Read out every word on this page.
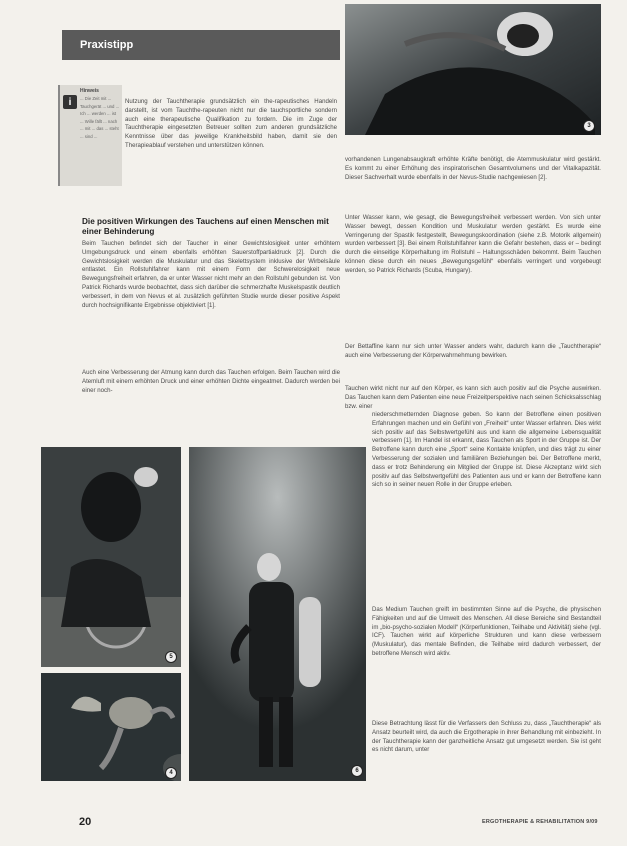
Praxistipp
i
Hinweis
... Die Zeit mit ... Tauchgerät ... und ... Ich ... werden ... ist ... Wille fällt ... nach ... mit ... das ... steht ... sind ...

Nutzung der Tauchtherapie grundsätzlich ein the-rapeutisches Handeln darstellt, ist vom Tauchthe-rapeuten nicht nur die tauchsportliche sondern auch eine therapeutische Qualifikation zu fordern. Die im Zuge der Tauchtherapie eingesetzten Betreuer sollten zum anderen grundsätzliche Kenntnisse über das jeweilige Krankheitsbild haben, damit sie den Therapieablauf verstehen und unterstützen können.

Die positiven Wirkungen des Tauchens auf einen Menschen mit einer Behinderung

Beim Tauchen befindet sich der Taucher in einer Gewichtslosigkeit unter erhöhtem Umgebungsdruck und einem ebenfalls erhöhten Sauerstoffpartialdruck [2]. Durch die Gewichtslosigkeit werden die Muskulatur und das Skelettsystem inklusive der Wirbelsäule entlastet. Ein Rollstuhlfahrer kann mit einem Form der Schwerelosigkeit neue Bewegungsfreiheit erfahren, da er unter Wasser nicht mehr an den Rollstuhl gebunden ist. Von Patrick Richards wurde beobachtet, dass sich darüber die schmerzhafte Muskelspastik deutlich verbessert, in dem von Nevus et al. zusätzlich geführten Studie wurde dieser positive Aspekt durch hochsignifikante Ergebnisse objektiviert [1].

Auch eine Verbesserung der Atmung kann durch das Tauchen erfolgen. Beim Tauchen wird die Atemluft mit einem erhöhten Druck und einer erhöhten Dichte eingeatmet. Dadurch werden bei einer noch-

3

vorhandenen Lungenabsaugkraft erhöhte Kräfte benötigt, die Atemmuskulatur wird gestärkt. Es kommt zu einer Erhöhung des inspiratorischen Gesamtvolumens und der Vitalkapazität. Dieser Sachverhalt wurde ebenfalls in der Nevus-Studie nachgewiesen [2].

Unter Wasser kann, wie gesagt, die Bewegungsfreiheit verbessert werden. Von sich unter Wasser bewegt, dessen Kondition und Muskulatur werden gestärkt. Es wurde eine Verringerung der Spastik festgestellt, Bewegungskoordination (siehe z.B. Motorik allgemein) wurden verbessert [3]. Bei einem Rollstuhlfahrer kann die Gefahr bestehen, dass er – bedingt durch die einseitige Körperhaltung im Rollstuhl – Haltungsschäden bekommt. Beim Tauchen können diese durch ein neues „Bewegungsgefühl“ ebenfalls verringert und vorgebeugt werden, so Patrick Richards (Scuba, Hungary).

Der Bettaffine kann nur sich unter Wasser anders wahr, dadurch kann die „Tauchtherapie“ auch eine Verbesserung der Körperwahrnehmung bewirken.

Tauchen wirkt nicht nur auf den Körper, es kann sich auch positiv auf die Psyche auswirken. Das Tauchen kann dem Patienten eine neue Freizeitperspektive nach seinen Schicksalsschlag bzw. einer

niederschmetternden Diagnose geben. So kann der Betroffene einen positiven Erfahrungen machen und ein Gefühl von „Freiheit“ unter Wasser erfahren. Dies wirkt sich positiv auf das Selbstwertgefühl aus und kann die allgemeine Lebensqualität verbessern [1]. Im Handel ist erkannt, dass Tauchen als Sport in der Gruppe ist. Der Betroffene kann durch eine „Sport“ seine Kontakte knüpfen, und dies trägt zu einer Verbesserung der sozialen und familiären Beziehungen bei. Der Betroffene merkt, dass er trotz Behinderung ein Mitglied der Gruppe ist. Diese Akzeptanz wirkt sich positiv auf das Selbstwertgefühl des Patienten aus und er kann der Betroffene kann sich so in seiner neuen Rolle in der Gruppe erleben.

Das Medium Tauchen greift im bestimmten Sinne auf die Psyche, die physischen Fähigkeiten und auf die Umwelt des Menschen. All diese Bereiche sind Bestandteil im „bio-psycho-sozialen Modell“ (Körperfunktionen, Teilhabe und Aktivität) siehe (vgl. ICF). Tauchen wirkt auf körperliche Strukturen und kann diese verbessern (Muskulatur), das mentale Befinden, die Teilhabe wird dadurch verbessert, der betroffene Mensch wird aktiv.

Diese Betrachtung lässt für die Verfassers den Schluss zu, dass „Tauchtherapie“ als Ansatz beurteilt wird, da auch die Ergotherapie in ihrer Behandlung mit einbezieht. In der Tauchtherapie kann der ganzheitliche Ansatz gut umgesetzt werden. Sie ist geht es nicht darum, unter

5
4	6
20	ERGOTHERAPIE & REHABILITATION 9/09
